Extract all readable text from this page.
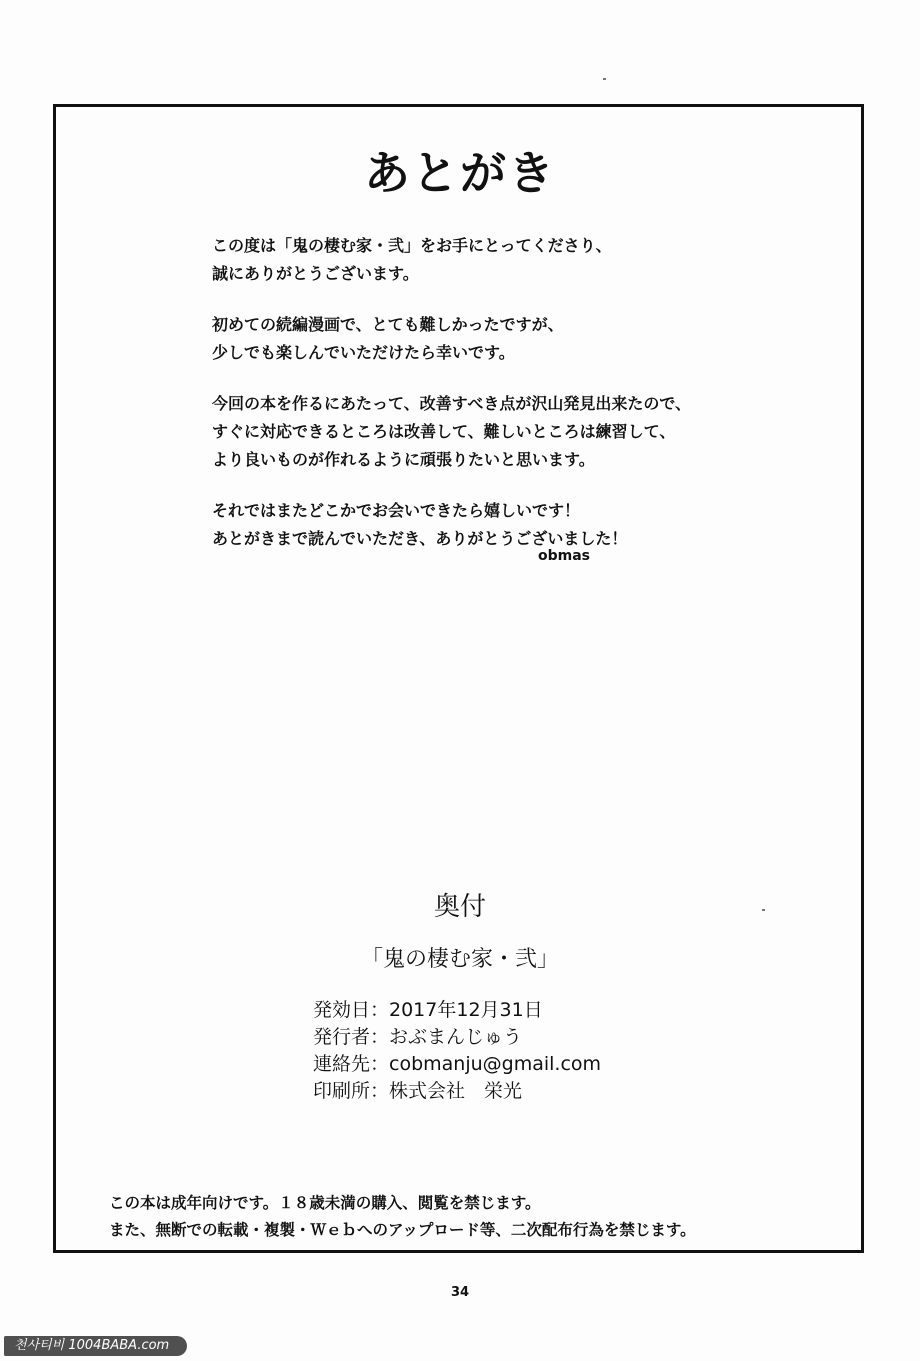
あとがき

この度は「鬼の棲む家・弐」をお手にとってくださり、
誠にありがとうございます。

初めての続編漫画で、とても難しかったですが、
少しでも楽しんでいただけたら幸いです。

今回の本を作るにあたって、改善すべき点が沢山発見出来たので、
すぐに対応できるところは改善して、難しいところは練習して、
より良いものが作れるように頑張りたいと思います。

それではまたどこかでお会いできたら嬉しいです！
あとがきまで読んでいただき、ありがとうございました！

obmas
奥付
「鬼の棲む家・弐」
発効日：2017年12月31日
発行者：おぶまんじゅう
連絡先：cobmanju@gmail.com
印刷所：株式会社　栄光

この本は成年向けです。１８歳未満の購入、閲覧を禁じます。

また、無断での転載・複製・Ｗｅｂへのアップロード等、二次配布行為を禁じます。

34
천사티비 1004BABA.com
